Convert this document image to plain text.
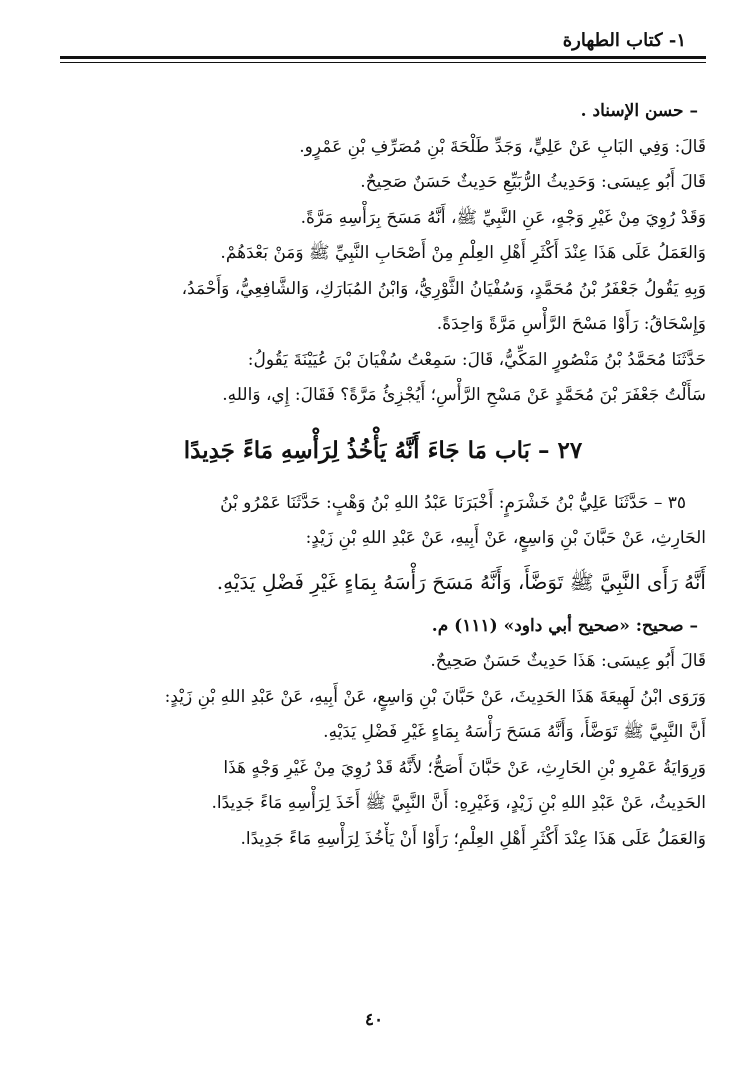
١- كتاب الطهارة
– حسن الإسناد .
قَالَ: وَفِي البَابِ عَنْ عَلِيٍّ، وَجَدِّ طَلْحَةَ بْنِ مُصَرِّفِ بْنِ عَمْرٍو.
قَالَ أَبُو عِيسَى: وَحَدِيثُ الرُّبَيِّعِ حَدِيثٌ حَسَنٌ صَحِيحٌ.
وَقَدْ رُوِيَ مِنْ غَيْرِ وَجْهٍ، عَنِ النَّبِيِّ ﷺ، أَنَّهُ مَسَحَ بِرَأْسِهِ مَرَّةً.
وَالعَمَلُ عَلَى هَذَا عِنْدَ أَكْثَرِ أَهْلِ العِلْمِ مِنْ أَصْحَابِ النَّبِيِّ ﷺ وَمَنْ بَعْدَهُمْ.
وَبِهِ يَقُولُ جَعْفَرُ بْنُ مُحَمَّدٍ، وَسُفْيَانُ الثَّوْرِيُّ، وَابْنُ المُبَارَكِ، وَالشَّافِعِيُّ، وَأَحْمَدُ،
وَإِسْحَاقُ: رَأَوْا مَسْحَ الرَّأْسِ مَرَّةً وَاحِدَةً.
حَدَّثَنَا مُحَمَّدُ بْنُ مَنْصُورٍ المَكِّيُّ، قَالَ: سَمِعْتُ سُفْيَانَ بْنَ عُيَيْنَةَ يَقُولُ:
سَأَلْتُ جَعْفَرَ بْنَ مُحَمَّدٍ عَنْ مَسْحِ الرَّأْسِ؛ أَيُجْزِئُ مَرَّةً؟ فَقَالَ: إِي، وَاللهِ.
٢٧ – بَاب مَا جَاءَ أَنَّهُ يَأْخُذُ لِرَأْسِهِ مَاءً جَدِيدًا
٣٥ – حَدَّثَنَا عَلِيُّ بْنُ خَشْرَمٍ: أَخْبَرَنَا عَبْدُ اللهِ بْنُ وَهْبٍ: حَدَّثَنَا عَمْرُو بْنُ
الحَارِثِ، عَنْ حَبَّانَ بْنِ وَاسِعٍ، عَنْ أَبِيهِ، عَنْ عَبْدِ اللهِ بْنِ زَيْدٍ:
أَنَّهُ رَأَى النَّبِيَّ ﷺ تَوَضَّأَ، وَأَنَّهُ مَسَحَ رَأْسَهُ بِمَاءٍ غَيْرِ فَضْلِ يَدَيْهِ.
– صحيح: «صحيح أبي داود» (١١١) م.
قَالَ أَبُو عِيسَى: هَذَا حَدِيثٌ حَسَنٌ صَحِيحٌ.
وَرَوَى ابْنُ لَهِيعَةَ هَذَا الحَدِيثَ، عَنْ حَبَّانَ بْنِ وَاسِعٍ، عَنْ أَبِيهِ، عَنْ عَبْدِ اللهِ بْنِ زَيْدٍ:
أَنَّ النَّبِيَّ ﷺ تَوَضَّأَ، وَأَنَّهُ مَسَحَ رَأْسَهُ بِمَاءٍ غَيْرِ فَضْلِ يَدَيْهِ.
وَرِوَايَةُ عَمْرِو بْنِ الحَارِثِ، عَنْ حَبَّانَ أَصَحُّ؛ لأَنَّهُ قَدْ رُوِيَ مِنْ غَيْرِ وَجْهٍ هَذَا
الحَدِيثُ، عَنْ عَبْدِ اللهِ بْنِ زَيْدٍ، وَغَيْرِهِ: أَنَّ النَّبِيَّ ﷺ أَخَذَ لِرَأْسِهِ مَاءً جَدِيدًا.
وَالعَمَلُ عَلَى هَذَا عِنْدَ أَكْثَرِ أَهْلِ العِلْمِ؛ رَأَوْا أَنْ يَأْخُذَ لِرَأْسِهِ مَاءً جَدِيدًا.
٤٠
